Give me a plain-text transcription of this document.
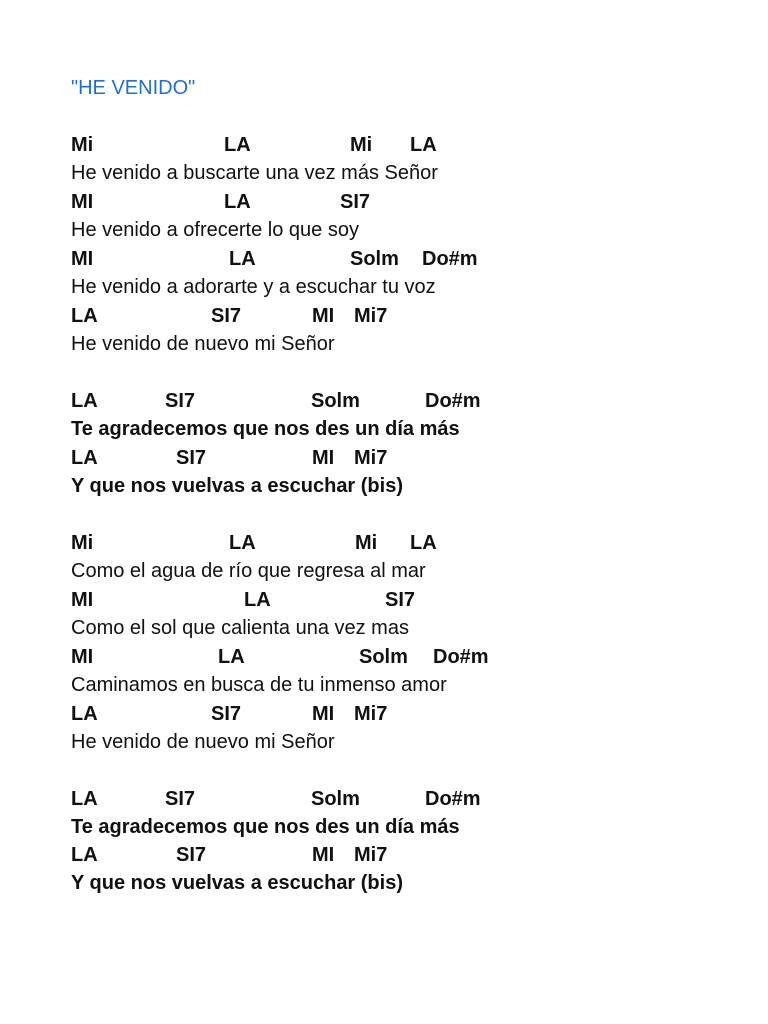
"HE VENIDO"
Mi	LA	Mi LA
He venido a buscarte una vez más Señor
MI	LA	SI7
He venido a ofrecerte lo que soy
MI	LA	Solm Do#m
He venido a adorarte y a escuchar tu voz
LA	SI7	MI Mi7
He venido de nuevo mi Señor
LA	SI7	Solm	Do#m
Te agradecemos que nos des un día más
LA	SI7	MI Mi7
Y que nos vuelvas a escuchar (bis)
Mi	LA	Mi LA
Como el agua de río que regresa al mar
MI	LA	SI7
Como el sol que calienta una vez mas
MI	LA	Solm Do#m
Caminamos en busca de tu inmenso amor
LA	SI7	MI Mi7
He venido de nuevo mi Señor
LA	SI7	Solm	Do#m
Te agradecemos que nos des un día más
LA	SI7	MI Mi7
Y que nos vuelvas a escuchar (bis)
